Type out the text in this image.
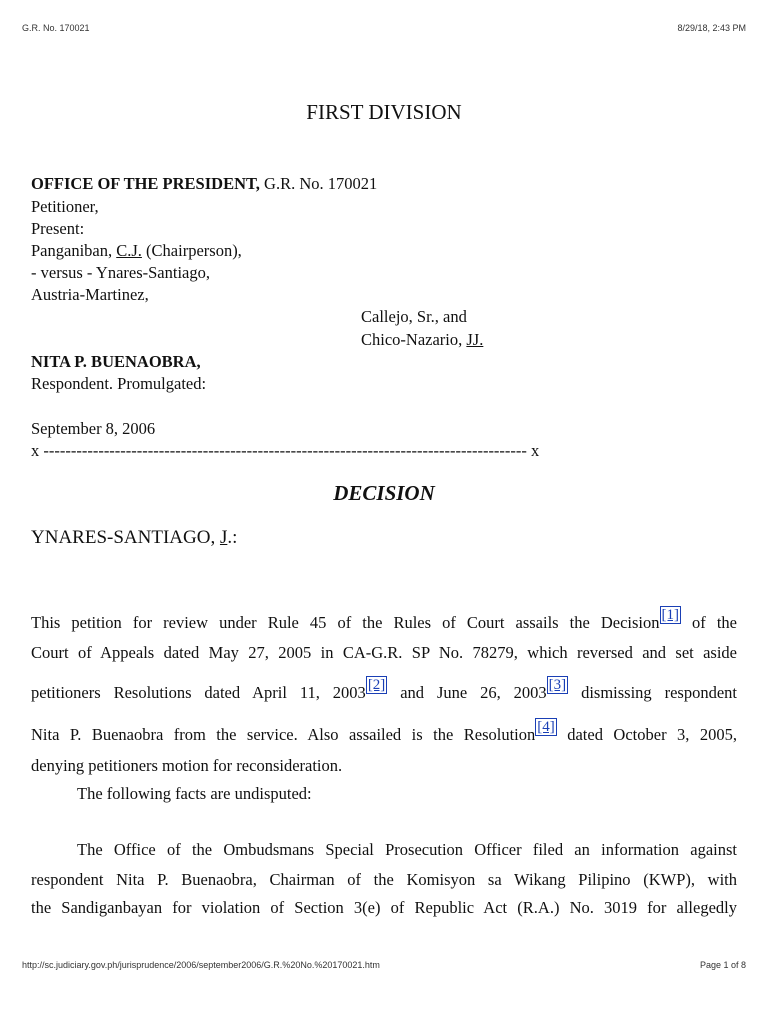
G.R. No. 170021	8/29/18, 2:43 PM
FIRST DIVISION
OFFICE OF THE PRESIDENT, G.R. No. 170021
Petitioner,
Present:
Panganiban, C.J. (Chairperson),
- versus - Ynares-Santiago,
Austria-Martinez,
Callejo, Sr., and
Chico-Nazario, JJ.
NITA P. BUENAOBRA,
Respondent. Promulgated:
September 8, 2006
x ---------------------------------------------------------------------------------------- x
DECISION
YNARES-SANTIAGO, J.:
This petition for review under Rule 45 of the Rules of Court assails the Decision [1] of the
Court of Appeals dated May 27, 2005 in CA-G.R. SP No. 78279, which reversed and set aside
petitioners Resolutions dated April 11, 2003 [2] and June 26, 2003 [3] dismissing respondent
Nita P. Buenaobra from the service. Also assailed is the Resolution [4] dated October 3, 2005,
denying petitioners motion for reconsideration.
The following facts are undisputed:
The Office of the Ombudsmans Special Prosecution Officer filed an information against
respondent Nita P. Buenaobra, Chairman of the Komisyon sa Wikang Pilipino (KWP), with
the Sandiganbayan for violation of Section 3(e) of Republic Act (R.A.) No. 3019 for allegedly
http://sc.judiciary.gov.ph/jurisprudence/2006/september2006/G.R.%20No.%20170021.htm	Page 1 of 8
